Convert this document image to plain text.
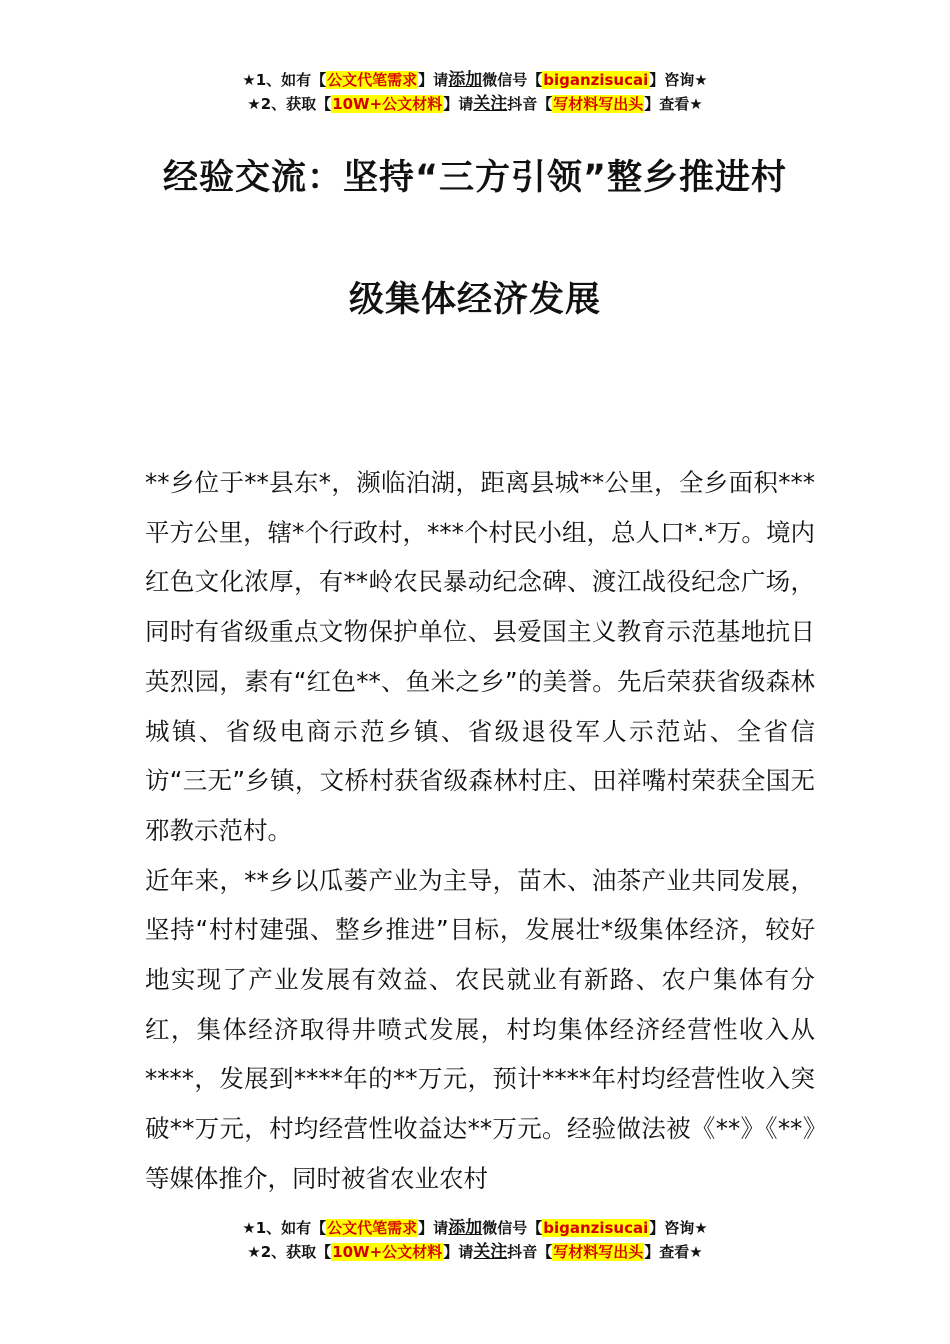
★1、如有【公文代笔需求】请添加微信号【biganzisucai】咨询★
★2、获取【10W+公文材料】请关注抖音【写材料写出头】查看★
经验交流：坚持“三方引领”整乡推进村
级集体经济发展

**乡位于**县东*，濒临泊湖，距离县城**公里，全乡面积***平方公里，辖*个行政村，***个村民小组，总人口*.*万。境内红色文化浓厚，有**岭农民暴动纪念碑、渡江战役纪念广场，同时有省级重点文物保护单位、县爱国主义教育示范基地抗日英烈园，素有“红色**、鱼米之乡”的美誉。先后荣获省级森林城镇、省级电商示范乡镇、省级退役军人示范站、全省信访“三无”乡镇，文桥村获省级森林村庄、田祥嘴村荣获全国无邪教示范村。

近年来，**乡以瓜蒌产业为主导，苗木、油茶产业共同发展，坚持“村村建强、整乡推进”目标，发展壮*级集体经济，较好地实现了产业发展有效益、农民就业有新路、农户集体有分红，集体经济取得井喷式发展，村均集体经济经营性收入从****，发展到****年的**万元，预计****年村均经营性收入突破**万元，村均经营性收益达**万元。经验做法被《**》《**》等媒体推介，同时被省农业农村

★1、如有【公文代笔需求】请添加微信号【biganzisucai】咨询★
★2、获取【10W+公文材料】请关注抖音【写材料写出头】查看★
